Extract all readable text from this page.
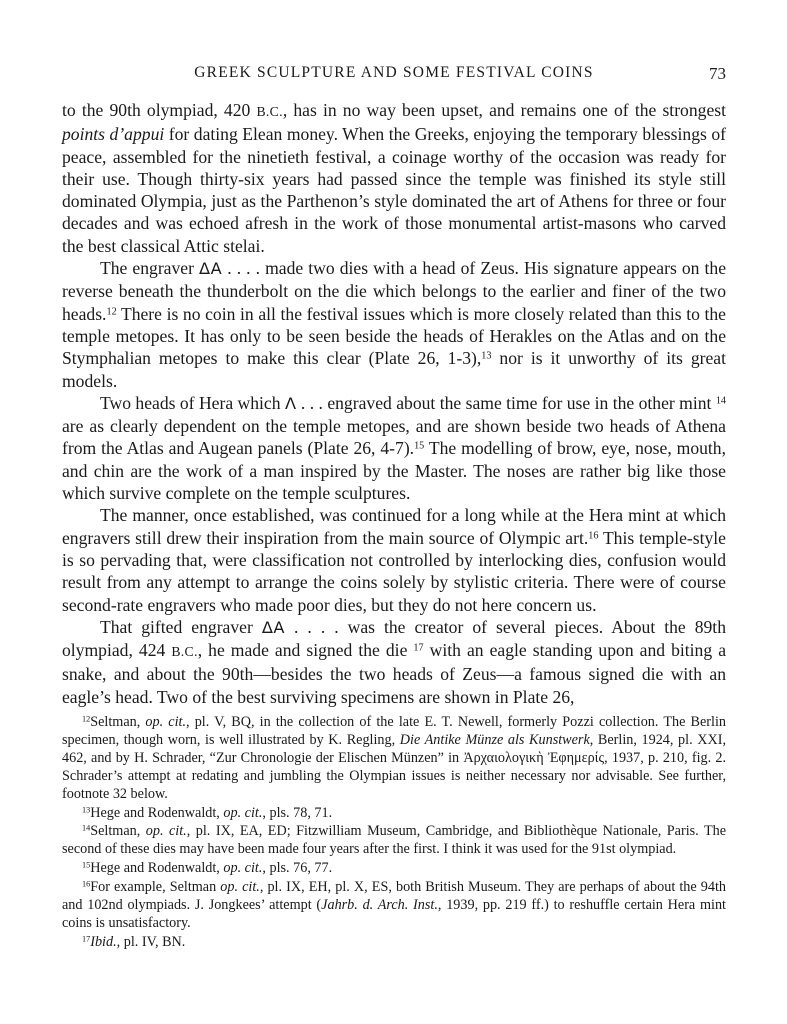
GREEK SCULPTURE AND SOME FESTIVAL COINS	73

to the 90th olympiad, 420 B.C., has in no way been upset, and remains one of the strongest points d’appui for dating Elean money. When the Greeks, enjoying the temporary blessings of peace, assembled for the ninetieth festival, a coinage worthy of the occasion was ready for their use. Though thirty-six years had passed since the temple was finished its style still dominated Olympia, just as the Parthenon’s style dominated the art of Athens for three or four decades and was echoed afresh in the work of those monumental artist-masons who carved the best classical Attic stelai.

The engraver ΔΑ . . . . made two dies with a head of Zeus. His signature appears on the reverse beneath the thunderbolt on the die which belongs to the earlier and finer of the two heads.$^{12}$ There is no coin in all the festival issues which is more closely related than this to the temple metopes. It has only to be seen beside the heads of Herakles on the Atlas and on the Stymphalian metopes to make this clear (Plate 26, 1-3),$^{13}$ nor is it unworthy of its great models.

Two heads of Hera which Λ . . . engraved about the same time for use in the other mint $^{14}$ are as clearly dependent on the temple metopes, and are shown beside two heads of Athena from the Atlas and Augean panels (Plate 26, 4-7).$^{15}$ The modelling of brow, eye, nose, mouth, and chin are the work of a man inspired by the Master. The noses are rather big like those which survive complete on the temple sculptures.

The manner, once established, was continued for a long while at the Hera mint at which engravers still drew their inspiration from the main source of Olympic art.$^{16}$ This temple-style is so pervading that, were classification not controlled by interlocking dies, confusion would result from any attempt to arrange the coins solely by stylistic criteria. There were of course second-rate engravers who made poor dies, but they do not here concern us.

That gifted engraver ΔΑ . . . . was the creator of several pieces. About the 89th olympiad, 424 B.C., he made and signed the die $^{17}$ with an eagle standing upon and biting a snake, and about the 90th—besides the two heads of Zeus—a famous signed die with an eagle’s head. Two of the best surviving specimens are shown in Plate 26,

$^{12}$Seltman, op. cit., pl. V, BQ, in the collection of the late E. T. Newell, formerly Pozzi collection. The Berlin specimen, though worn, is well illustrated by K. Regling, Die Antike Münze als Kunstwerk, Berlin, 1924, pl. XXI, 462, and by H. Schrader, “Zur Chronologie der Elischen Münzen” in Ἀρχαιολογικὴ Ἐφημερίς, 1937, p. 210, fig. 2. Schrader’s attempt at redating and jumbling the Olympian issues is neither necessary nor advisable. See further, footnote 32 below.

$^{13}$Hege and Rodenwaldt, op. cit., pls. 78, 71.

$^{14}$Seltman, op. cit., pl. IX, EA, ED; Fitzwilliam Museum, Cambridge, and Bibliothèque Nationale, Paris. The second of these dies may have been made four years after the first. I think it was used for the 91st olympiad.

$^{15}$Hege and Rodenwaldt, op. cit., pls. 76, 77.

$^{16}$For example, Seltman op. cit., pl. IX, EH, pl. X, ES, both British Museum. They are perhaps of about the 94th and 102nd olympiads. J. Jongkees’ attempt (Jahrb. d. Arch. Inst., 1939, pp. 219 ff.) to reshuffle certain Hera mint coins is unsatisfactory.

$^{17}$Ibid., pl. IV, BN.
